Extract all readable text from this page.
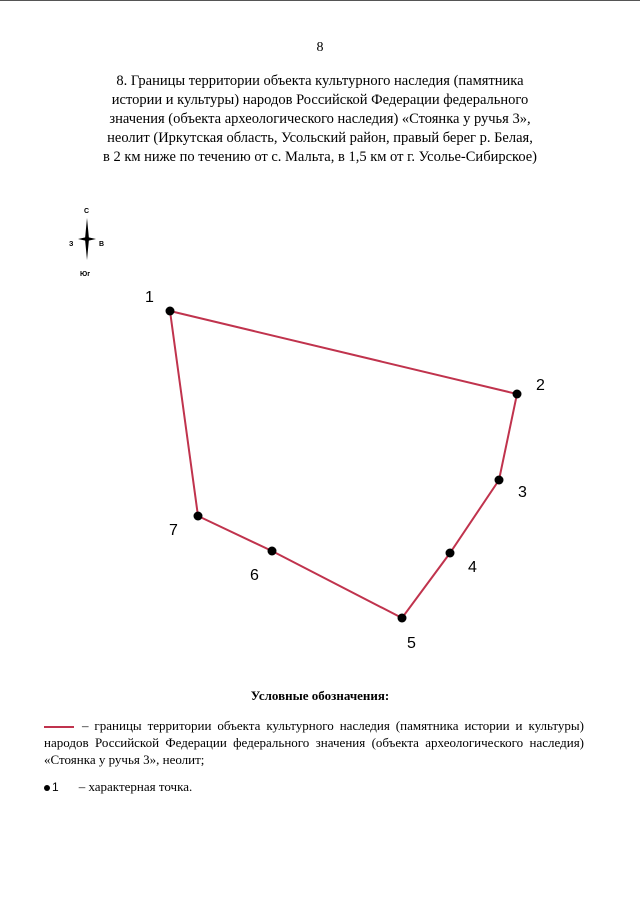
8
8. Границы территории объекта культурного наследия (памятника
истории и культуры) народов Российской Федерации федерального
значения (объекта археологического наследия) «Стоянка у ручья 3»,
неолит (Иркутская область, Усольский район, правый берег р. Белая,
в 2 км ниже по течению от с. Мальта, в 1,5 км от г. Усолье-Сибирское)
С
З	В
Юг
1
2
3
4
5
6
7
Условные обозначения:
– границы территории объекта культурного наследия (памятника истории и культуры) народов Российской Федерации федерального значения (объекта археологического наследия) «Стоянка у ручья 3», неолит;
1 – характерная точка.
